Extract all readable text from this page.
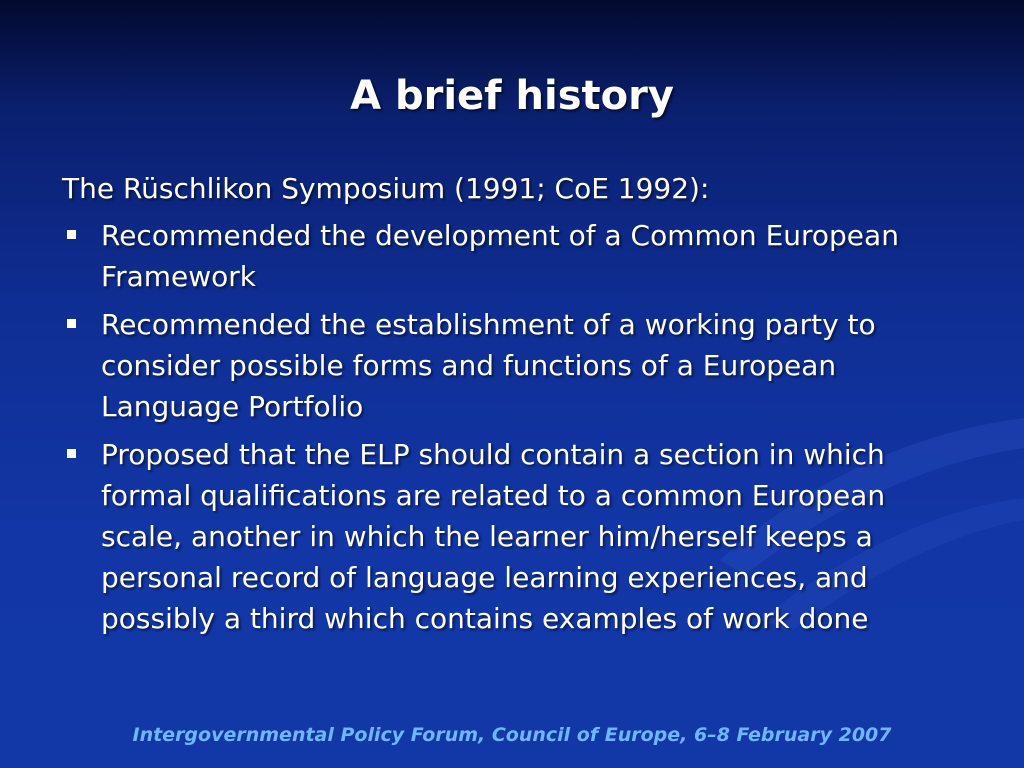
A brief history

The Rüschlikon Symposium (1991; CoE 1992):

Recommended the development of a Common European Framework
Recommended the establishment of a working party to consider possible forms and functions of a European Language Portfolio
Proposed that the ELP should contain a section in which formal qualifications are related to a common European scale, another in which the learner him/herself keeps a personal record of language learning experiences, and possibly a third which contains examples of work done
Intergovernmental Policy Forum, Council of Europe, 6–8 February 2007
